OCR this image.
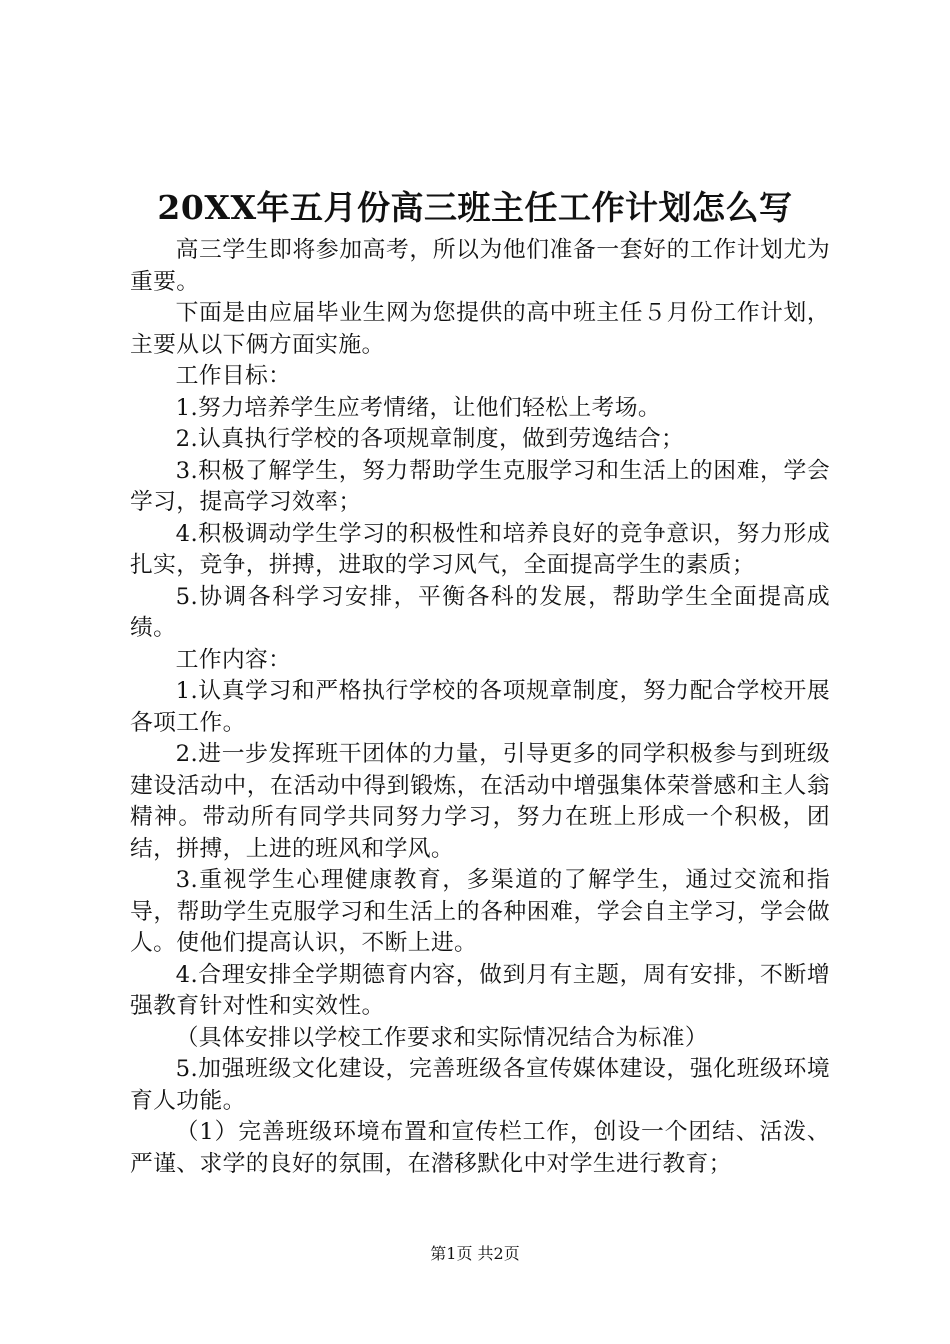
20XX年五月份高三班主任工作计划怎么写

高三学生即将参加高考，所以为他们准备一套好的工作计划尤为重要。

下面是由应届毕业生网为您提供的高中班主任５月份工作计划，主要从以下俩方面实施。

工作目标：

1.努力培养学生应考情绪，让他们轻松上考场。

2.认真执行学校的各项规章制度，做到劳逸结合；

3.积极了解学生，努力帮助学生克服学习和生活上的困难，学会学习，提高学习效率；

4.积极调动学生学习的积极性和培养良好的竞争意识，努力形成扎实，竞争，拼搏，进取的学习风气，全面提高学生的素质；

5.协调各科学习安排，平衡各科的发展，帮助学生全面提高成绩。

工作内容：

1.认真学习和严格执行学校的各项规章制度，努力配合学校开展各项工作。

2.进一步发挥班干团体的力量，引导更多的同学积极参与到班级建设活动中，在活动中得到锻炼，在活动中增强集体荣誉感和主人翁精神。带动所有同学共同努力学习，努力在班上形成一个积极，团结，拼搏，上进的班风和学风。

3.重视学生心理健康教育，多渠道的了解学生，通过交流和指导，帮助学生克服学习和生活上的各种困难，学会自主学习，学会做人。使他们提高认识，不断上进。

4.合理安排全学期德育内容，做到月有主题，周有安排，不断增强教育针对性和实效性。

（具体安排以学校工作要求和实际情况结合为标准）

5.加强班级文化建设，完善班级各宣传媒体建设，强化班级环境育人功能。

（1）完善班级环境布置和宣传栏工作，创设一个团结、活泼、严谨、求学的良好的氛围，在潜移默化中对学生进行教育；

第1页 共2页
